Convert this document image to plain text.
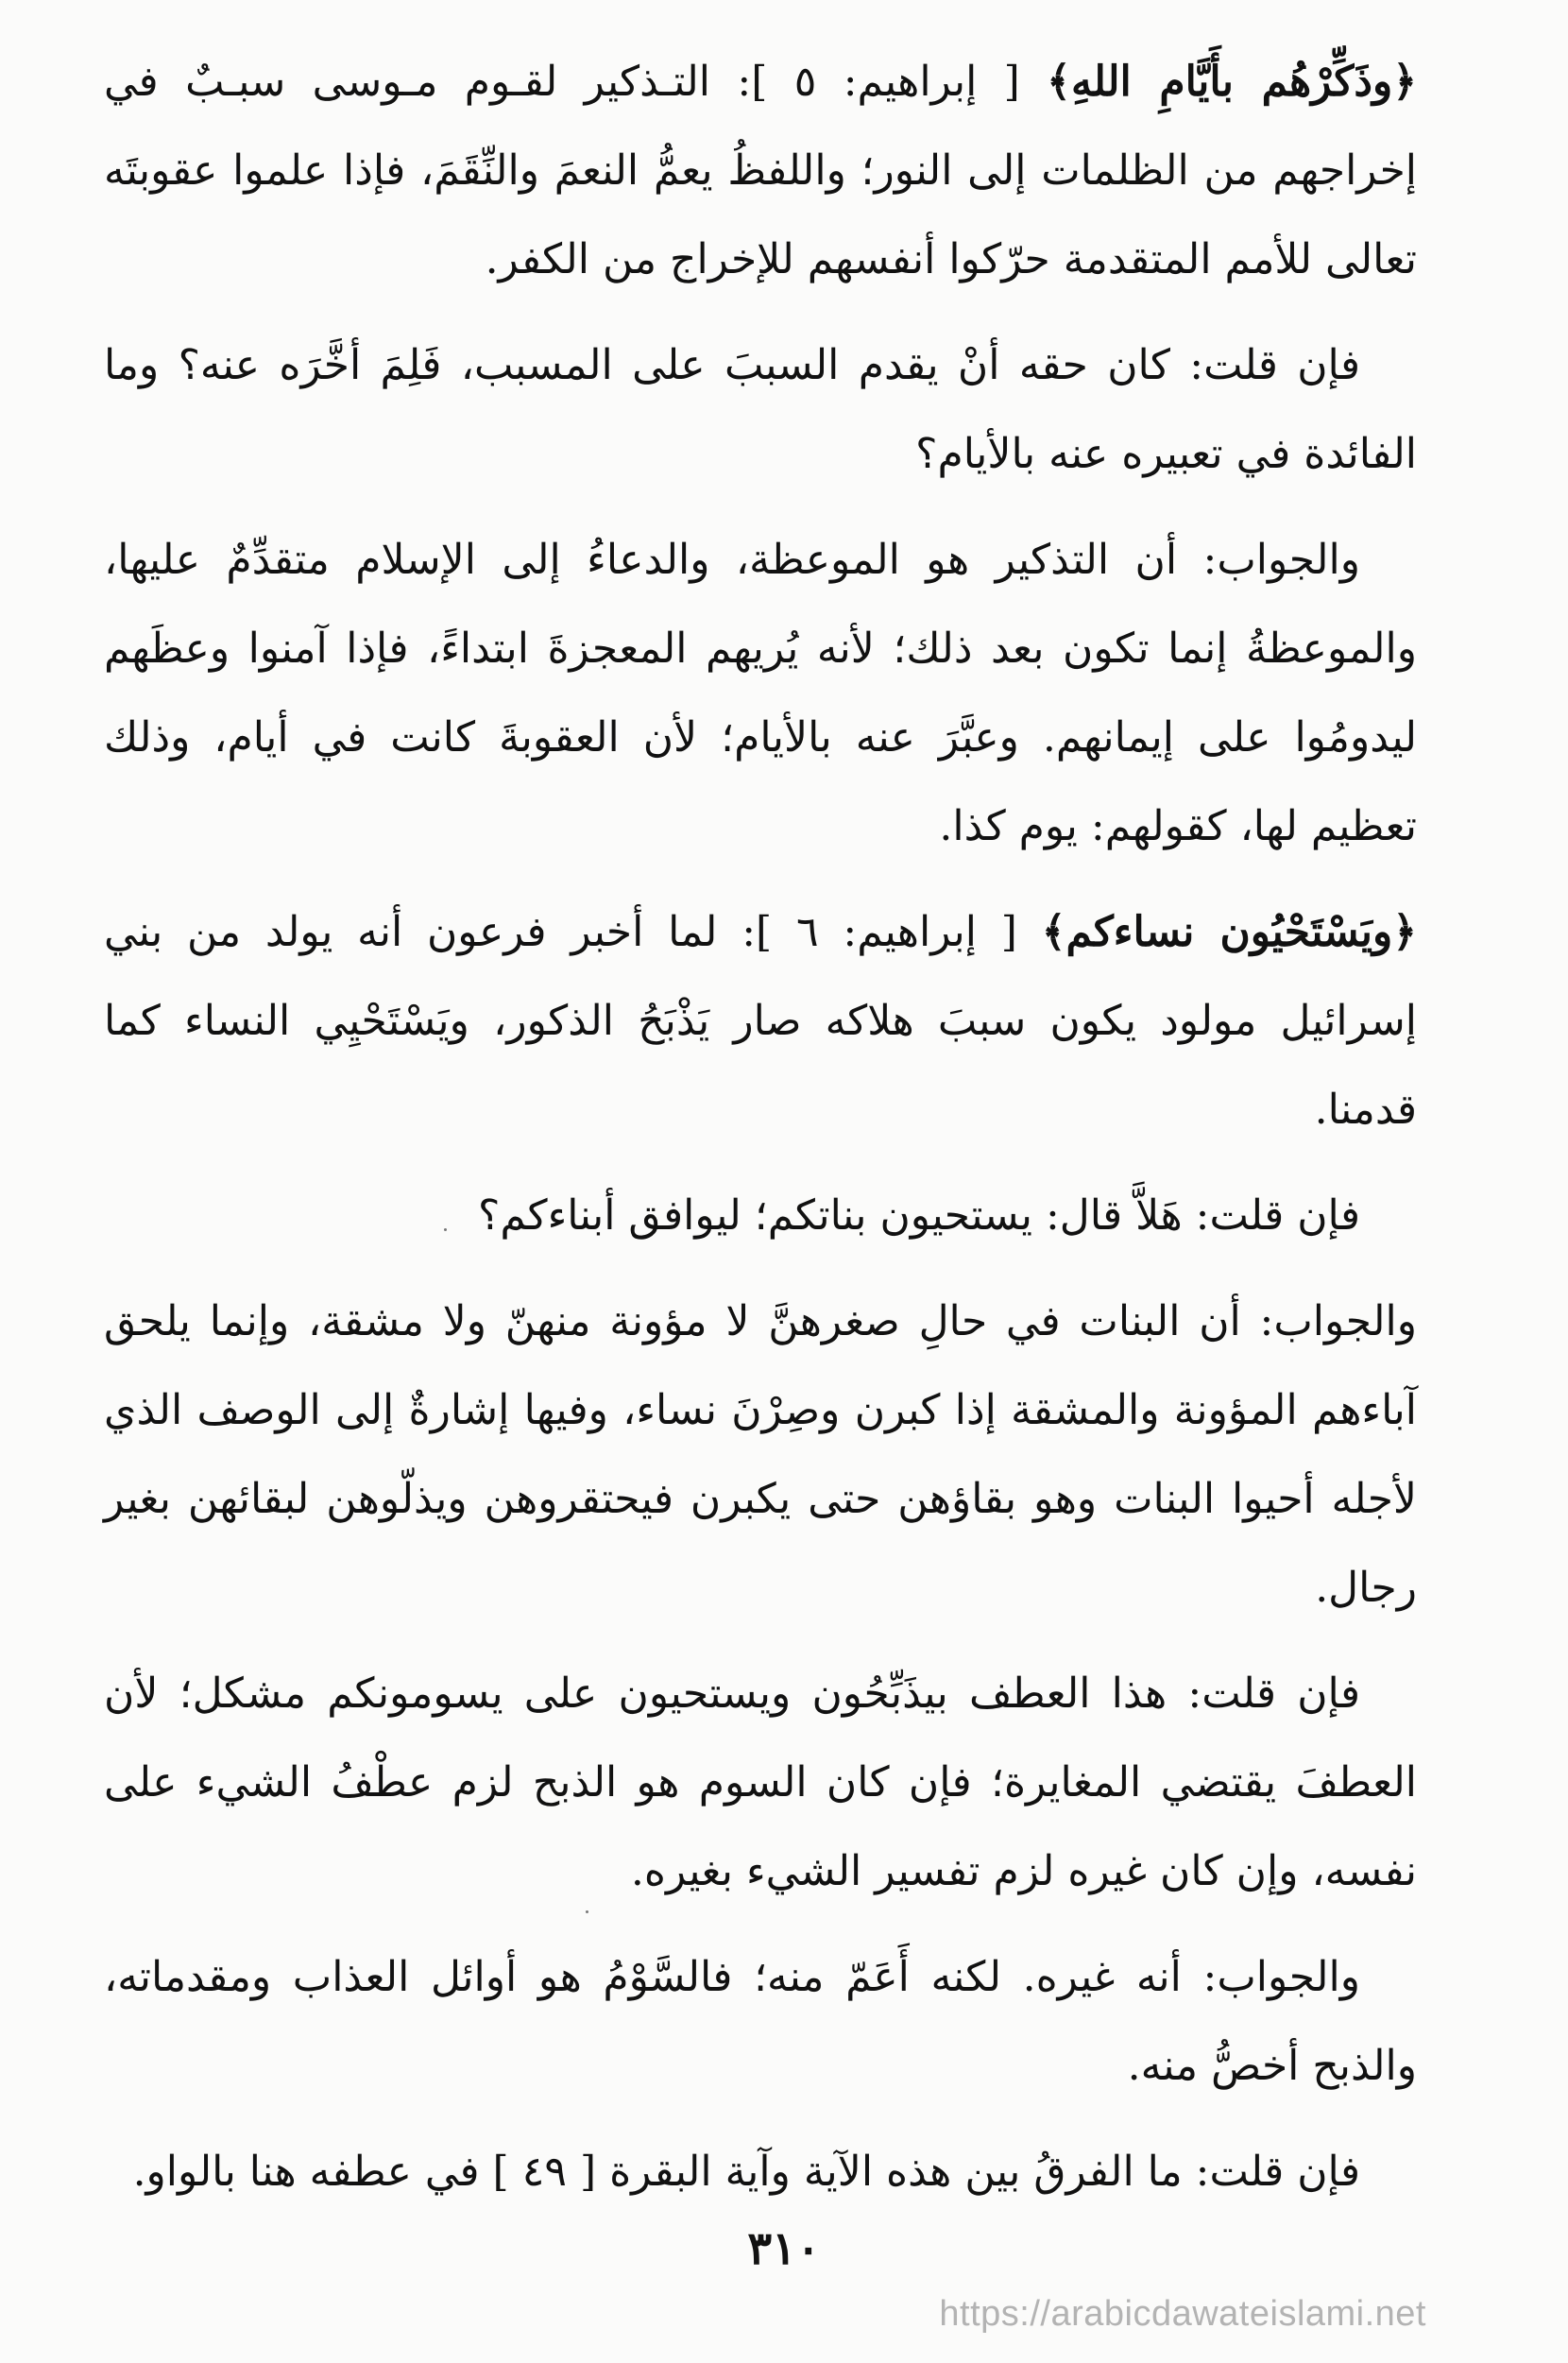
﴿وذَكِّرْهُم بأَيَّامِ اللهِ﴾ [ إبراهيم: ٥ ]: التـذكير لقـوم مـوسى سبـبٌ في إخراجهم من الظلمات إلى النور؛ واللفظُ يعمُّ النعمَ والنِّقَمَ، فإذا علموا عقوبتَه تعالى للأمم المتقدمة حرّكوا أنفسهم للإخراج من الكفر.

فإن قلت: كان حقه أنْ يقدم السببَ على المسبب، فَلِمَ أخَّرَه عنه؟ وما الفائدة في تعبيره عنه بالأيام؟

والجواب: أن التذكير هو الموعظة، والدعاءُ إلى الإسلام متقدِّمٌ عليها، والموعظةُ إنما تكون بعد ذلك؛ لأنه يُريهم المعجزةَ ابتداءً، فإذا آمنوا وعظَهم ليدومُوا على إيمانهم. وعبَّرَ عنه بالأيام؛ لأن العقوبةَ كانت في أيام، وذلك تعظيم لها، كقولهم: يوم كذا.

﴿ويَسْتَحْيُون نساءكم﴾ [ إبراهيم: ٦ ]: لما أخبر فرعون أنه يولد من بني إسرائيل مولود يكون سببَ هلاكه صار يَذْبَحُ الذكور، ويَسْتَحْيِي النساء كما قدمنا.

فإن قلت: هَلاَّ قال: يستحيون بناتكم؛ ليوافق أبناءكم؟

والجواب: أن البنات في حالِ صغرهنَّ لا مؤونة منهنّ ولا مشقة، وإنما يلحق آباءهم المؤونة والمشقة إذا كبرن وصِرْنَ نساء، وفيها إشارةٌ إلى الوصف الذي لأجله أحيوا البنات وهو بقاؤهن حتى يكبرن فيحتقروهن ويذلّوهن لبقائهن بغير رجال.

فإن قلت: هذا العطف بيذَبِّحُون ويستحيون على يسومونكم مشكل؛ لأن العطفَ يقتضي المغايرة؛ فإن كان السوم هو الذبح لزم عطْفُ الشيء على نفسه، وإن كان غيره لزم تفسير الشيء بغيره.

والجواب: أنه غيره. لكنه أَعَمّ منه؛ فالسَّوْمُ هو أوائل العذاب ومقدماته، والذبح أخصُّ منه.

فإن قلت: ما الفرقُ بين هذه الآية وآية البقرة [ ٤٩ ] في عطفه هنا بالواو.

٣١٠
https://arabicdawateislami.net
